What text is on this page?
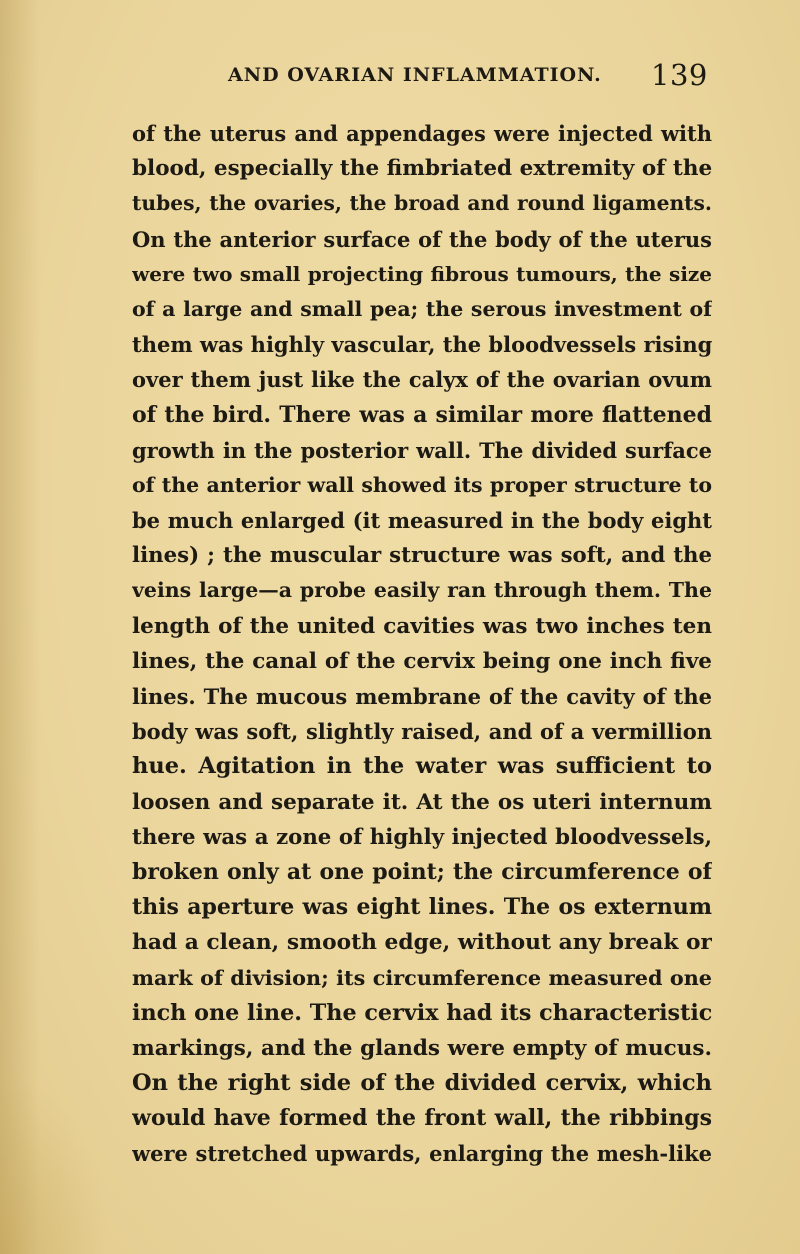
AND OVARIAN INFLAMMATION. 139
of the uterus and appendages were injected with
blood, especially the fimbriated extremity of the
tubes, the ovaries, the broad and round ligaments.
On the anterior surface of the body of the uterus
were two small projecting fibrous tumours, the size
of a large and small pea; the serous investment of
them was highly vascular, the bloodvessels rising
over them just like the calyx of the ovarian ovum
of the bird. There was a similar more flattened
growth in the posterior wall. The divided surface
of the anterior wall showed its proper structure to
be much enlarged (it measured in the body eight
lines) ; the muscular structure was soft, and the
veins large—a probe easily ran through them. The
length of the united cavities was two inches ten
lines, the canal of the cervix being one inch five
lines. The mucous membrane of the cavity of the
body was soft, slightly raised, and of a vermillion
hue. Agitation in the water was sufficient to
loosen and separate it. At the os uteri internum
there was a zone of highly injected bloodvessels,
broken only at one point; the circumference of
this aperture was eight lines. The os externum
had a clean, smooth edge, without any break or
mark of division; its circumference measured one
inch one line. The cervix had its characteristic
markings, and the glands were empty of mucus.
On the right side of the divided cervix, which
would have formed the front wall, the ribbings
were stretched upwards, enlarging the mesh-like
